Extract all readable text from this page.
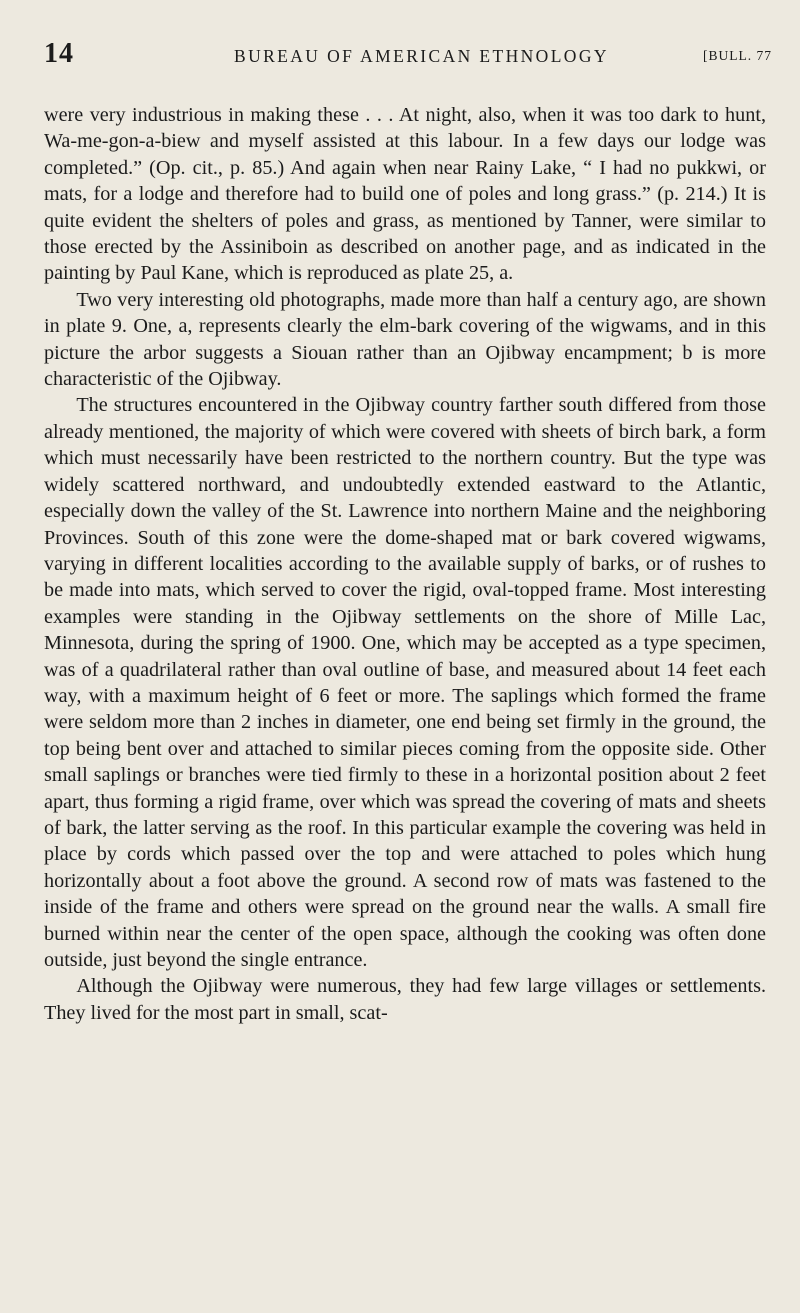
14	BUREAU OF AMERICAN ETHNOLOGY	[BULL. 77

were very industrious in making these . . . At night, also, when it was too dark to hunt, Wa-me-gon-a-biew and myself assisted at this labour. In a few days our lodge was completed.” (Op. cit., p. 85.) And again when near Rainy Lake, “ I had no pukkwi, or mats, for a lodge and therefore had to build one of poles and long grass.” (p. 214.) It is quite evident the shelters of poles and grass, as mentioned by Tanner, were similar to those erected by the Assiniboin as described on another page, and as indicated in the painting by Paul Kane, which is reproduced as plate 25, a.

Two very interesting old photographs, made more than half a century ago, are shown in plate 9. One, a, represents clearly the elm-bark covering of the wigwams, and in this picture the arbor suggests a Siouan rather than an Ojibway encampment; b is more characteristic of the Ojibway.

The structures encountered in the Ojibway country farther south differed from those already mentioned, the majority of which were covered with sheets of birch bark, a form which must necessarily have been restricted to the northern country. But the type was widely scattered northward, and undoubtedly extended eastward to the Atlantic, especially down the valley of the St. Lawrence into northern Maine and the neighboring Provinces. South of this zone were the dome-shaped mat or bark covered wigwams, varying in different localities according to the available supply of barks, or of rushes to be made into mats, which served to cover the rigid, oval-topped frame. Most interesting examples were standing in the Ojibway settlements on the shore of Mille Lac, Minnesota, during the spring of 1900. One, which may be accepted as a type specimen, was of a quadrilateral rather than oval outline of base, and measured about 14 feet each way, with a maximum height of 6 feet or more. The saplings which formed the frame were seldom more than 2 inches in diameter, one end being set firmly in the ground, the top being bent over and attached to similar pieces coming from the opposite side. Other small saplings or branches were tied firmly to these in a horizontal position about 2 feet apart, thus forming a rigid frame, over which was spread the covering of mats and sheets of bark, the latter serving as the roof. In this particular example the covering was held in place by cords which passed over the top and were attached to poles which hung horizontally about a foot above the ground. A second row of mats was fastened to the inside of the frame and others were spread on the ground near the walls. A small fire burned within near the center of the open space, although the cooking was often done outside, just beyond the single entrance.

Although the Ojibway were numerous, they had few large villages or settlements. They lived for the most part in small, scat-
